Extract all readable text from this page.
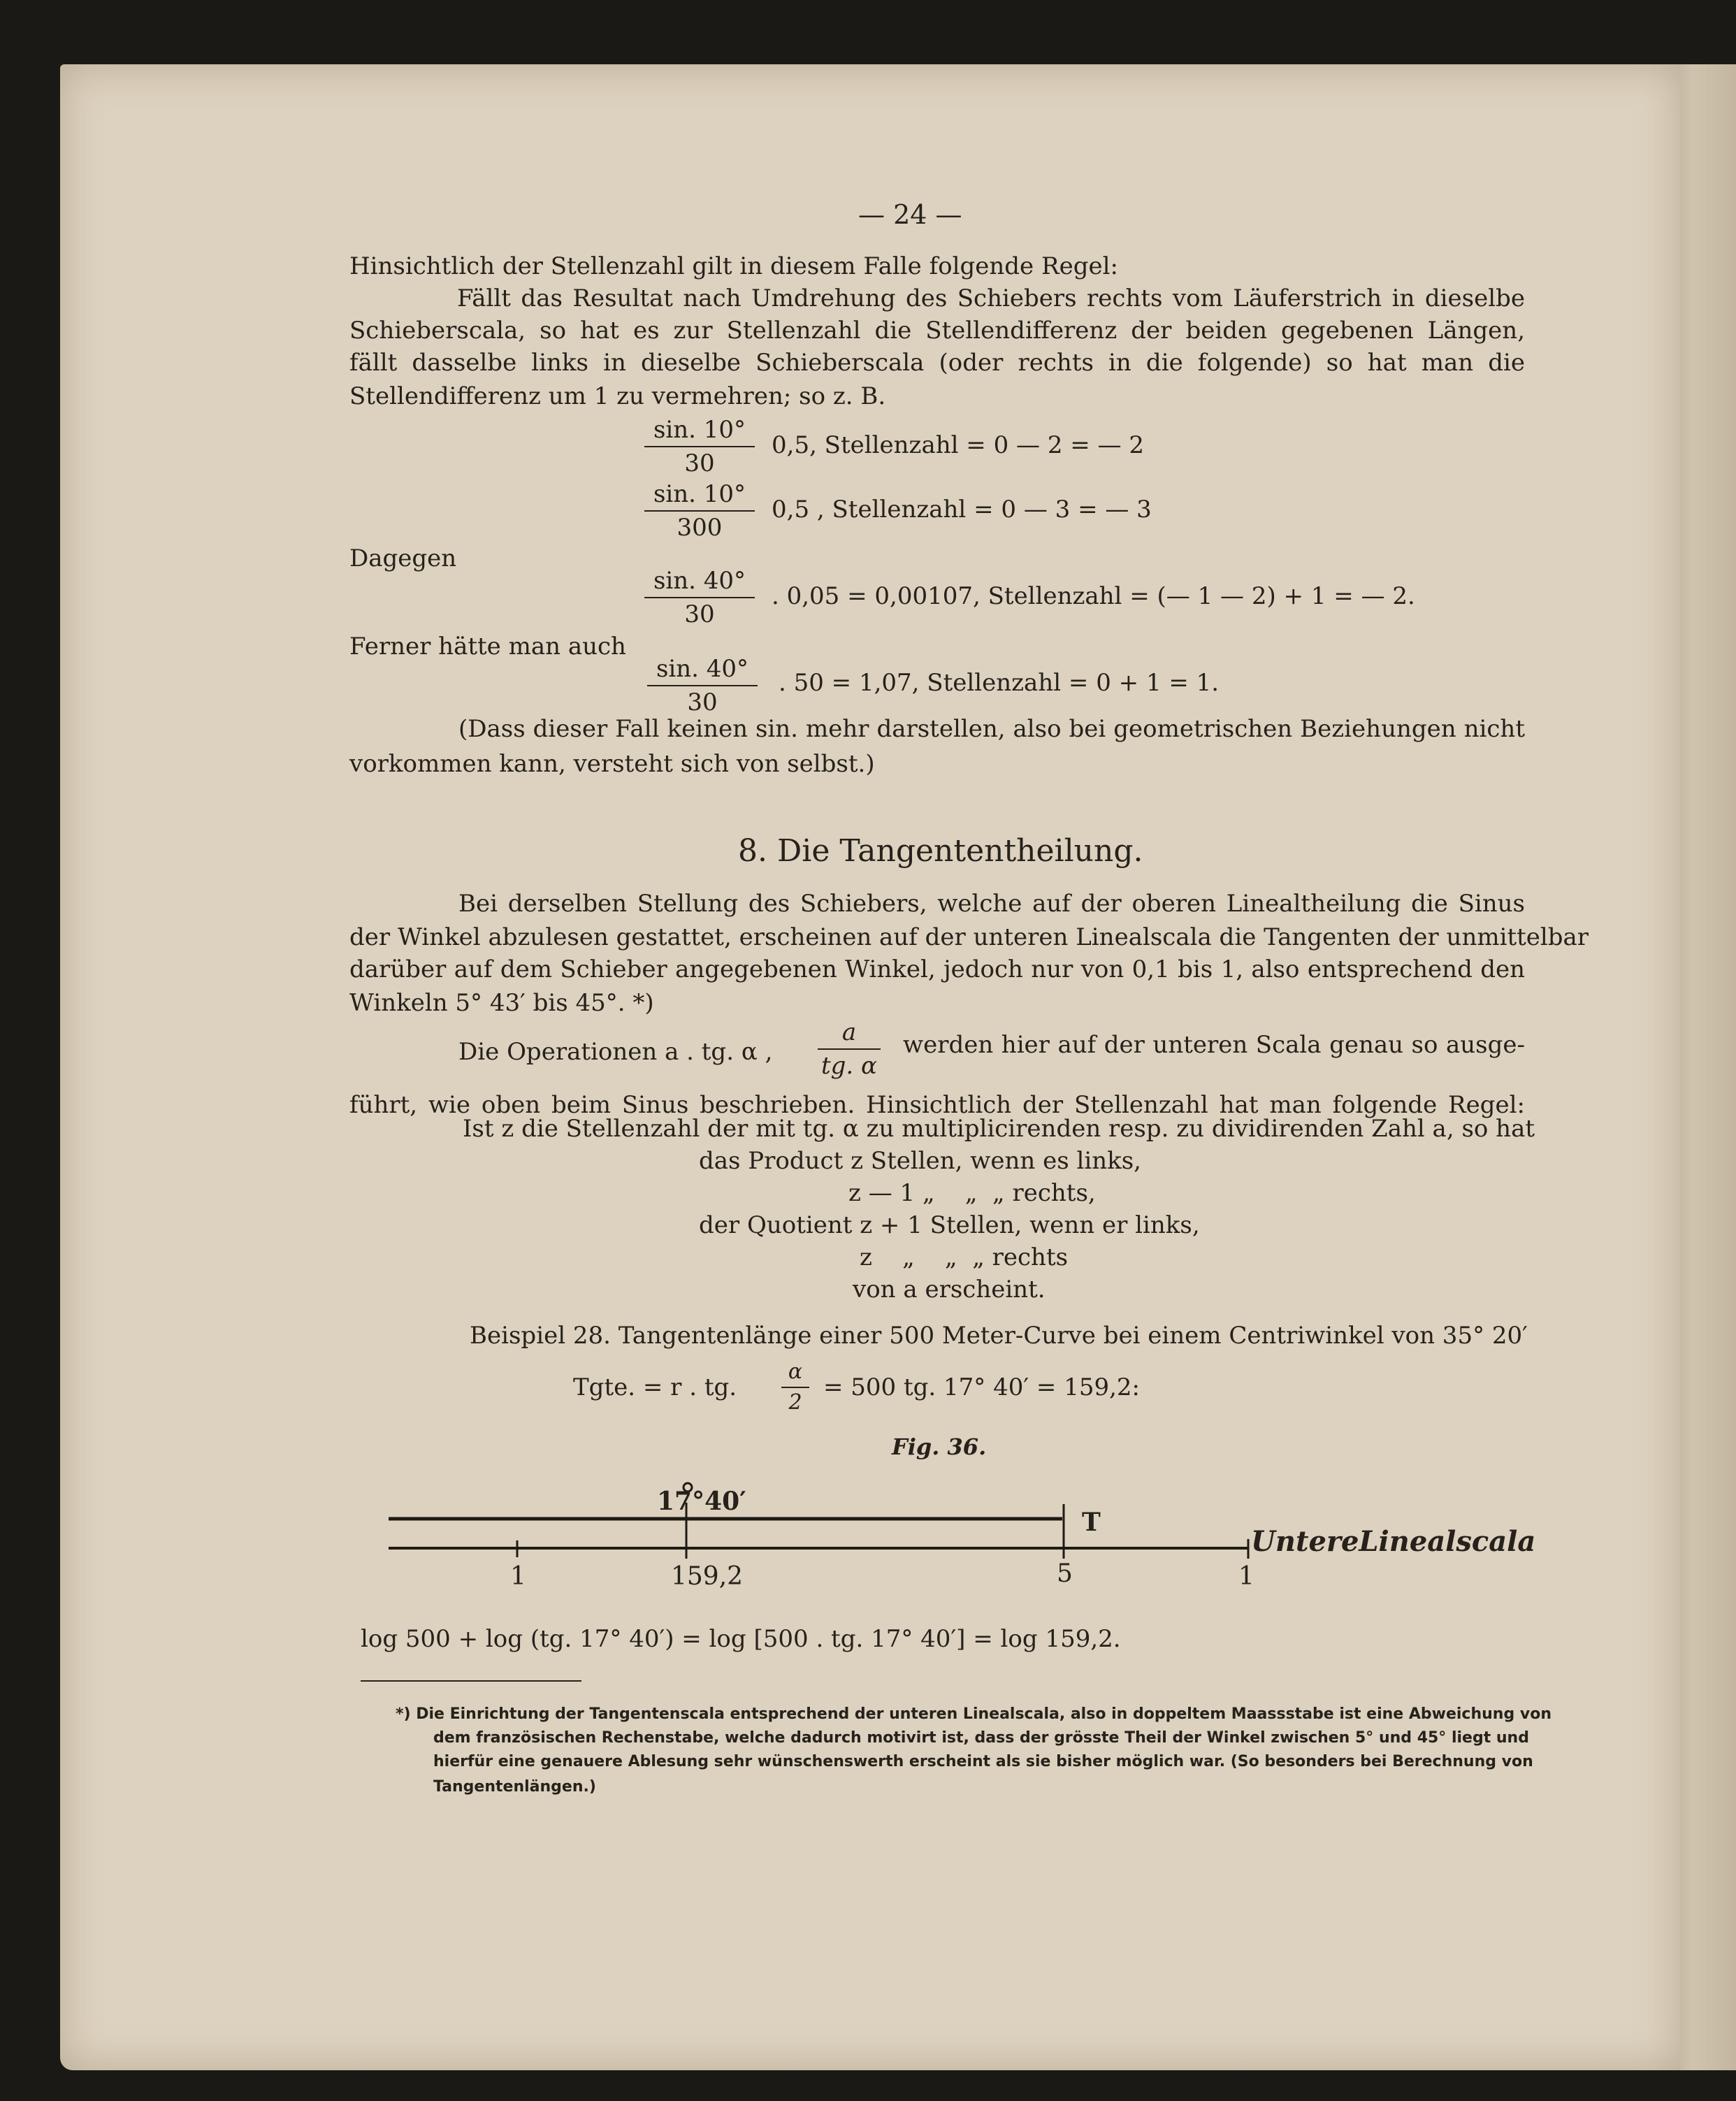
— 24 —
Hinsichtlich der Stellenzahl gilt in diesem Falle folgende Regel:
Fällt das Resultat nach Umdrehung des Schiebers rechts vom Läuferstrich in dieselbe
Schieberscala, so hat es zur Stellenzahl die Stellendifferenz der beiden gegebenen Längen,
fällt dasselbe links in dieselbe Schieberscala (oder rechts in die folgende) so hat man die
Stellendifferenz um 1 zu vermehren; so z. B.
sin. 10°
30
0,5, Stellenzahl = 0 — 2 = — 2
sin. 10°
300
0,5 , Stellenzahl = 0 — 3 = — 3
Dagegen
sin. 40°
30
. 0,05 = 0,00107, Stellenzahl = (— 1 — 2) + 1 = — 2.
Ferner hätte man auch
sin. 40°
30
. 50 = 1,07, Stellenzahl = 0 + 1 = 1.
(Dass dieser Fall keinen sin. mehr darstellen, also bei geometrischen Beziehungen nicht
vorkommen kann, versteht sich von selbst.)
8. Die Tangententheilung.
Bei derselben Stellung des Schiebers, welche auf der oberen Linealtheilung die Sinus
der Winkel abzulesen gestattet, erscheinen auf der unteren Linealscala die Tangenten der unmittelbar
darüber auf dem Schieber angegebenen Winkel, jedoch nur von 0,1 bis 1, also entsprechend den
Winkeln 5° 43′ bis 45°. *)
Die Operationen a . tg. α ,
a
tg. α
werden hier auf der unteren Scala genau so ausge-
führt, wie oben beim Sinus beschrieben. Hinsichtlich der Stellenzahl hat man folgende Regel:
Ist z die Stellenzahl der mit tg. α zu multiplicirenden resp. zu dividirenden Zahl a, so hat
das Product z Stellen, wenn es links,
z — 1 „    „  „ rechts,
der Quotient z + 1 Stellen, wenn er links,
z    „    „  „ rechts
von a erscheint.
Beispiel 28. Tangentenlänge einer 500 Meter-Curve bei einem Centriwinkel von 35° 20′
Tgte. = r . tg.
α
2
= 500 tg. 17° 40′ = 159,2:
Fig. 36.
17°40′
T
UntereLinealscala
1	159,2	5	1
log 500 + log (tg. 17° 40′) = log [500 . tg. 17° 40′] = log 159,2.
*) Die Einrichtung der Tangentenscala entsprechend der unteren Linealscala, also in doppeltem Maassstabe ist eine Abweichung von
dem französischen Rechenstabe, welche dadurch motivirt ist, dass der grösste Theil der Winkel zwischen 5° und 45° liegt und
hierfür eine genauere Ablesung sehr wünschenswerth erscheint als sie bisher möglich war. (So besonders bei Berechnung von
Tangentenlängen.)
